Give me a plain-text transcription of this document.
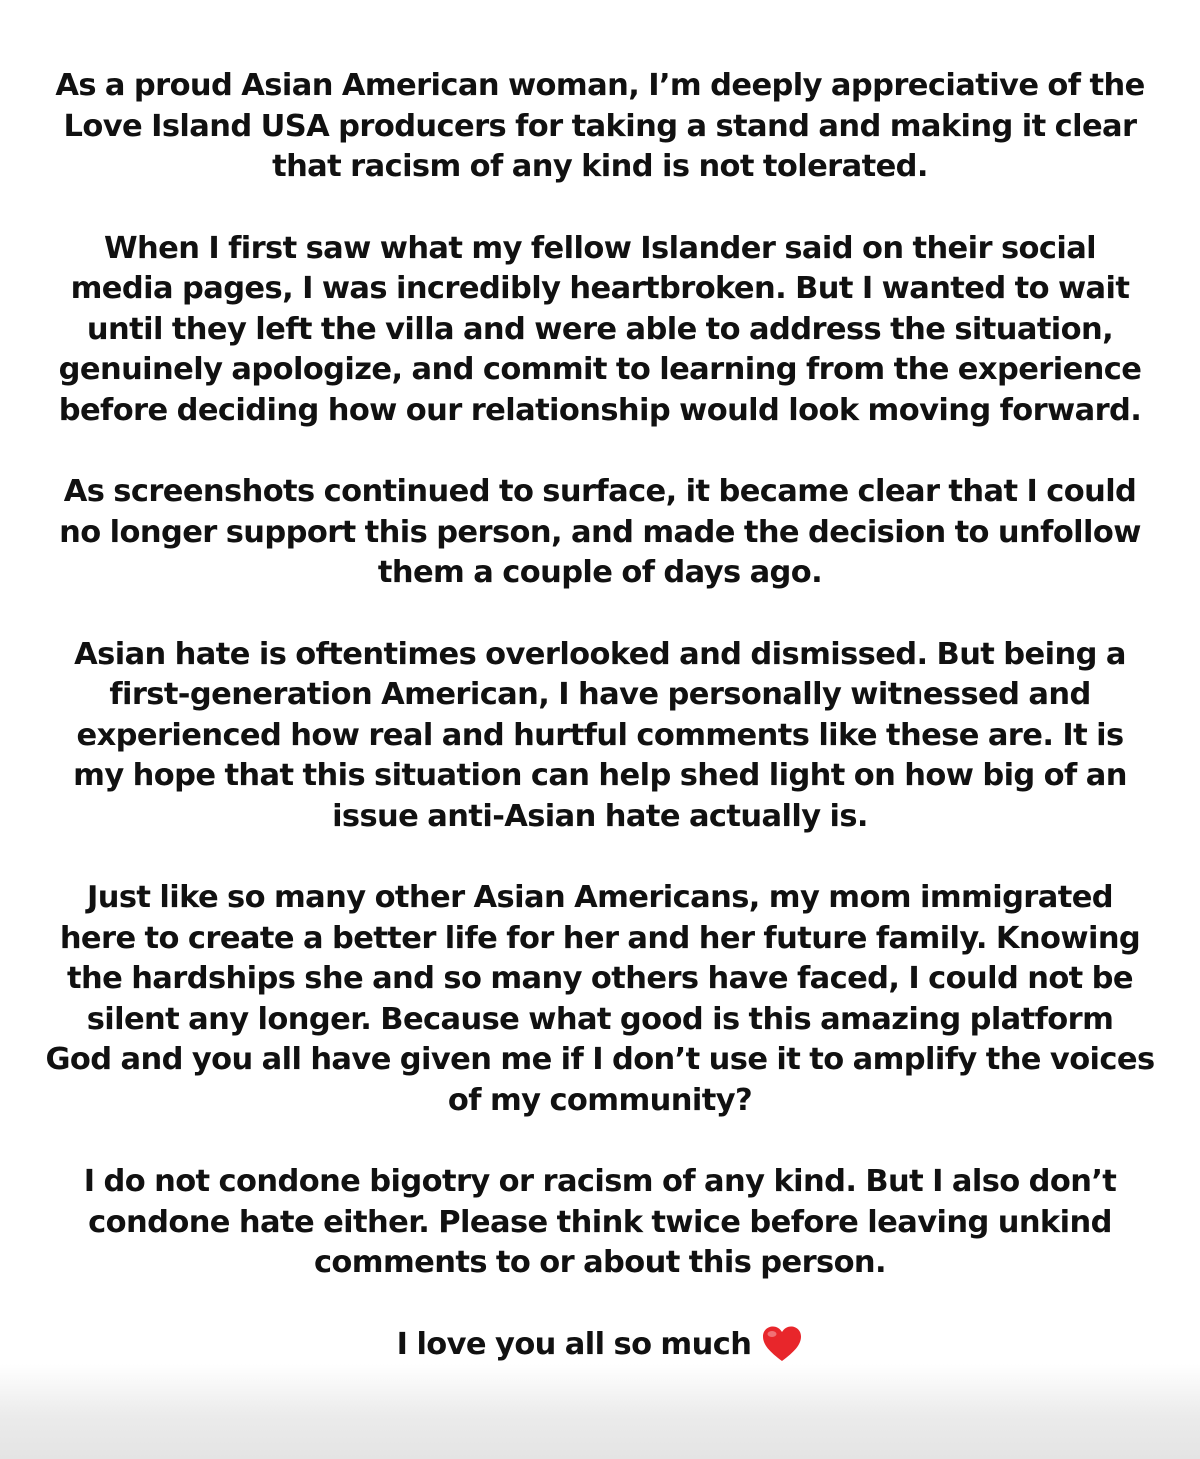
As a proud Asian American woman, I’m deeply appreciative of the
Love Island USA producers for taking a stand and making it clear
that racism of any kind is not tolerated.

When I first saw what my fellow Islander said on their social
media pages, I was incredibly heartbroken. But I wanted to wait
until they left the villa and were able to address the situation,
genuinely apologize, and commit to learning from the experience
before deciding how our relationship would look moving forward.

As screenshots continued to surface, it became clear that I could
no longer support this person, and made the decision to unfollow
them a couple of days ago.

Asian hate is oftentimes overlooked and dismissed. But being a
first-generation American, I have personally witnessed and
experienced how real and hurtful comments like these are. It is
my hope that this situation can help shed light on how big of an
issue anti-Asian hate actually is.

Just like so many other Asian Americans, my mom immigrated
here to create a better life for her and her future family. Knowing
the hardships she and so many others have faced, I could not be
silent any longer. Because what good is this amazing platform
God and you all have given me if I don’t use it to amplify the voices
of my community?

I do not condone bigotry or racism of any kind. But I also don’t
condone hate either. Please think twice before leaving unkind
comments to or about this person.

I love you all so much
